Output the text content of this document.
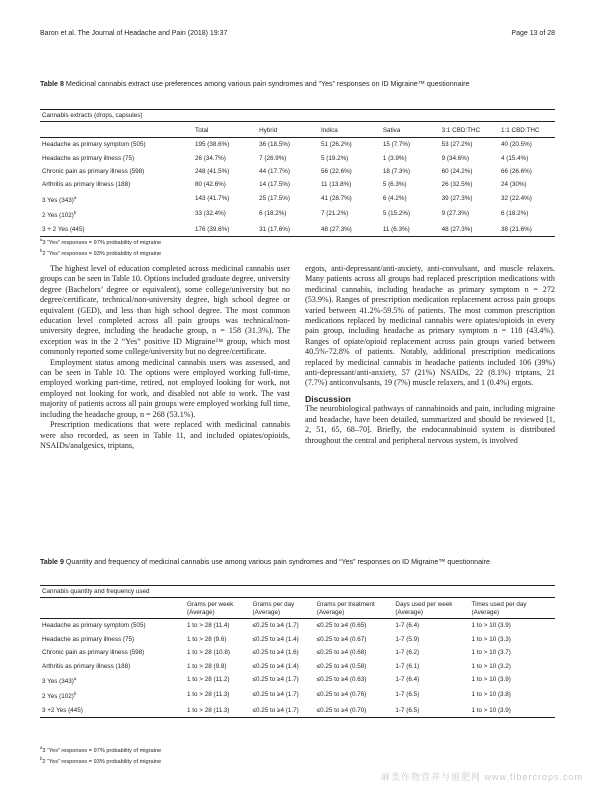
Baron et al. The Journal of Headache and Pain (2018) 19:37	Page 13 of 28
Table 8 Medicinal cannabis extract use preferences among various pain syndromes and “Yes” responses on ID Migraine™ questionnaire
Cannabis extracts (drops, capsules)						
	Total	Hybrid	Indica	Sativa	3:1 CBD:THC	1:1 CBD:THC
Headache as primary symptom (505)	195 (38.6%)	36 (18.5%)	51 (26.2%)	15 (7.7%)	53 (27.2%)	40 (20.5%)
Headache as primary illness (75)	26 (34.7%)	7 (26.9%)	5 (19.2%)	1 (3.9%)	9 (34.6%)	4 (15.4%)
Chronic pain as primary illness (598)	248 (41.5%)	44 (17.7%)	56 (22.6%)	18 (7.3%)	60 (24.2%)	66 (26.6%)
Arthritis as primary illness (188)	80 (42.6%)	14 (17.5%)	11 (13.8%)	5 (6.3%)	26 (32.5%)	24 (30%)
3 Yes $(343)^a$	143 (41.7%)	25 (17.5%)	41 (28.7%)	6 (4.2%)	39 (27.3%)	32 (22.4%)
2 Yes $(102)^b$	33 (32.4%)	6 (18.2%)	7 (21.2%)	5 (15.2%)	9 (27.3%)	6 (18.2%)
3 + 2 Yes (445)	176 (39.6%)	31 (17.6%)	48 (27.3%)	11 (6.3%)	48 (27.3%)	38 (21.6%)
$^a$3 “Yes” responses = 97% probability of migraine
$^b$2 “Yes” responses = 93% probability of migraine

The highest level of education completed across medicinal cannabis user groups can be seen in Table 10. Options included graduate degree, university degree (Bachelors’ degree or equivalent), some college/university but no degree/certificate, technical/non-university degree, high school degree or equivalent (GED), and less than high school degree. The most common education level completed across all pain groups was technical/non-university degree, including the headache group, n = 158 (31.3%). The exception was in the 2 “Yes” positive ID Migraine™ group, which most commonly reported some college/university but no degree/certificate.

Employment status among medicinal cannabis users was assessed, and can be seen in Table 10. The options were employed working full-time, employed working part-time, retired, not employed looking for work, not employed not looking for work, and disabled not able to work. The vast majority of patients across all pain groups were employed working full time, including the headache group, n = 268 (53.1%).

Prescription medications that were replaced with medicinal cannabis were also recorded, as seen in Table 11, and included opiates/opioids, NSAIDs/analgesics, triptans,

ergots, anti-depressant/anti-anxiety, anti-convulsant, and muscle relaxers. Many patients across all groups had replaced prescription medications with medicinal cannabis, including headache as primary symptom n = 272 (53.9%). Ranges of prescription medication replacement across pain groups varied between 41.2%-59.5% of patients. The most common prescription medications replaced by medicinal cannabis were opiates/opioids in every pain group, including headache as primary symptom n = 118 (43.4%). Ranges of opiate/opioid replacement across pain groups varied between 40.5%-72.8% of patients. Notably, additional prescription medications replaced by medicinal cannabis in headache patients included 106 (39%) anti-depressant/anti-anxiety, 57 (21%) NSAIDs, 22 (8.1%) triptans, 21 (7.7%) anticonvulsants, 19 (7%) muscle relaxers, and 1 (0.4%) ergots.

Discussion

The neurobiological pathways of cannabinoids and pain, including migraine and headache, have been detailed, summarized and should be reviewed [1, 2, 51, 65, 68–70]. Briefly, the endocannabinoid system is distributed throughout the central and peripheral nervous system, is involved

Table 9 Quantity and frequency of medicinal cannabis use among various pain syndromes and “Yes” responses on ID Migraine™ questionnaire
Cannabis quantity and frequency used					
	Grams per week (Average)	Grams per day (Average)	Grams per treatment (Average)	Days used per week (Average)	Times used per day (Average)
Headache as primary symptom (505)	1 to > 28 (11.4)	≤0.25 to ≥4 (1.7)	≤0.25 to ≥4 (0.65)	1-7 (6.4)	1 to > 10 (3.9)
Headache as primary illness (75)	1 to > 28 (9.6)	≤0.25 to ≥4 (1.4)	≤0.25 to ≥4 (0.67)	1-7 (5.9)	1 to > 10 (3.3)
Chronic pain as primary illness (598)	1 to > 28 (10.8)	≤0.25 to ≥4 (1.6)	≤0.25 to ≥4 (0.68)	1-7 (6.2)	1 to > 10 (3.7)
Arthritis as primary illness (188)	1 to > 28 (9.8)	≤0.25 to ≥4 (1.4)	≤0.25 to ≥4 (0.58)	1-7 (6.1)	1 to > 10 (3.2)
3 Yes $(343)^a$	1 to > 28 (11.2)	≤0.25 to ≥4 (1.7)	≤0.25 to ≥4 (0.63)	1-7 (6.4)	1 to > 10 (3.9)
2 Yes $(102)^b$	1 to > 28 (11.3)	≤0.25 to ≥4 (1.7)	≤0.25 to ≥4 (0.76)	1-7 (6.5)	1 to > 10 (3.8)
3 +2 Yes (445)	1 to > 28 (11.3)	≤0.25 to ≥4 (1.7)	≤0.25 to ≥4 (0.70)	1-7 (6.5)	1 to > 10 (3.9)
$^a$3 “Yes” responses = 97% probability of migraine
$^b$2 “Yes” responses = 93% probability of migraine
麻类作物营养与施肥网 www.fibercrops.com
